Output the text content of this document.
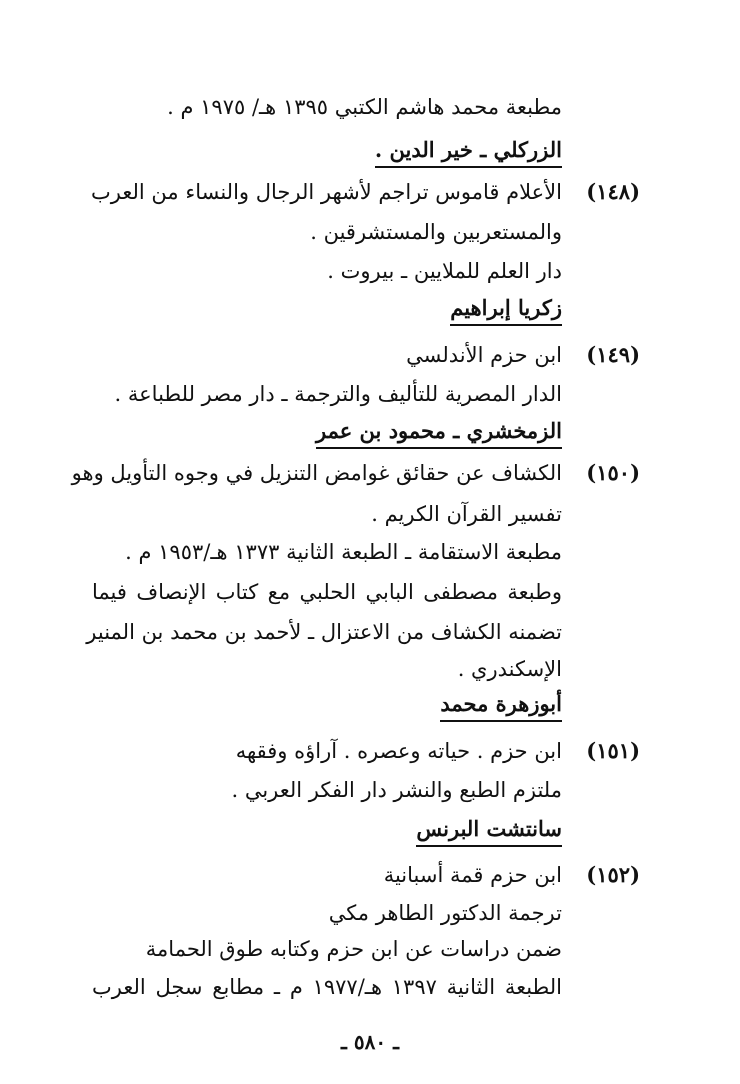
مطبعة محمد هاشم الكتبي ١٣٩٥ هـ/ ١٩٧٥ م .
الزركلي ـ خير الدين .
(١٤٨)
الأعلام قاموس تراجم لأشهر الرجال والنساء من العرب
والمستعربين والمستشرقين .
دار العلم للملايين ـ بيروت .
زكريا إبراهيم
(١٤٩)
ابن حزم الأندلسي
الدار المصرية للتأليف والترجمة ـ دار مصر للطباعة .
الزمخشري ـ محمود بن عمر
(١٥٠)
الكشاف عن حقائق غوامض التنزيل في وجوه التأويل وهو
تفسير القرآن الكريم .
مطبعة الاستقامة ـ الطبعة الثانية ١٣٧٣ هـ/١٩٥٣ م .
وطبعة مصطفى البابي الحلبي مع كتاب الإنصاف فيما
تضمنه الكشاف من الاعتزال ـ لأحمد بن محمد بن المنير
الإسكندري .
أبوزهرة محمد
(١٥١)
ابن حزم . حياته وعصره . آراؤه وفقهه
ملتزم الطبع والنشر دار الفكر العربي .
سانتشت البرنس
(١٥٢)
ابن حزم قمة أسبانية
ترجمة الدكتور الطاهر مكي
ضمن دراسات عن ابن حزم وكتابه طوق الحمامة
الطبعة الثانية ١٣٩٧ هـ/١٩٧٧ م ـ مطابع سجل العرب
ـ ٥٨٠ ـ
